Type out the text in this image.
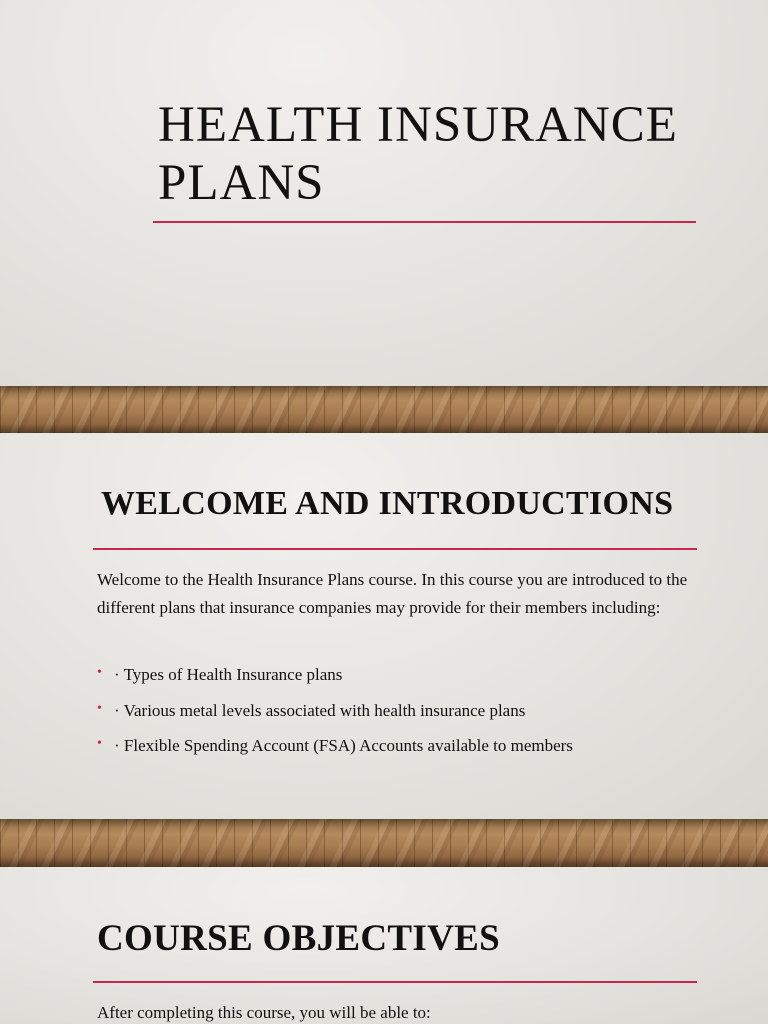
HEALTH INSURANCE
PLANS
WELCOME AND INTRODUCTIONS

Welcome to the Health Insurance Plans course. In this course you are introduced to the different plans that insurance companies may provide for their members including:

• · Types of Health Insurance plans
• · Various metal levels associated with health insurance plans
• · Flexible Spending Account (FSA) Accounts available to members
COURSE OBJECTIVES

After completing this course, you will be able to:
